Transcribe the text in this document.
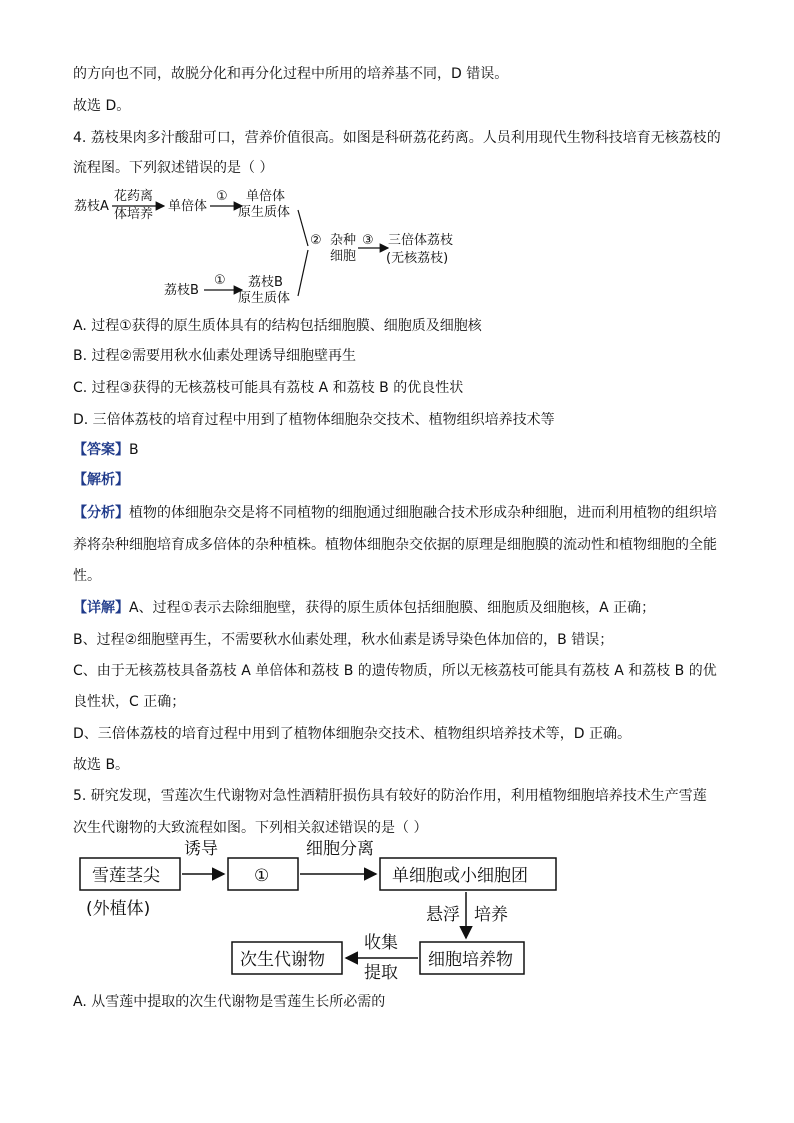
的方向也不同，故脱分化和再分化过程中所用的培养基不同，D 错误。
故选 D。
4. 荔枝果肉多汁酸甜可口，营养价值很高。如图是科研荔花药离。人员利用现代生物科技培育无核荔枝的
流程图。下列叙述错误的是（ ）
荔枝A
花药离
体培养
单倍体
① 单倍体
原生质体
荔枝B
① 荔枝B
原生质体
② 杂种
细胞
③ 三倍体荔枝
(无核荔枝)
A. 过程①获得的原生质体具有的结构包括细胞膜、细胞质及细胞核
B. 过程②需要用秋水仙素处理诱导细胞壁再生
C. 过程③获得的无核荔枝可能具有荔枝 A 和荔枝 B 的优良性状
D. 三倍体荔枝的培育过程中用到了植物体细胞杂交技术、植物组织培养技术等
【答案】B
【解析】
【分析】植物的体细胞杂交是将不同植物的细胞通过细胞融合技术形成杂种细胞，进而利用植物的组织培
养将杂种细胞培育成多倍体的杂种植株。植物体细胞杂交依据的原理是细胞膜的流动性和植物细胞的全能
性。
【详解】A、过程①表示去除细胞壁，获得的原生质体包括细胞膜、细胞质及细胞核，A 正确；
B、过程②细胞壁再生，不需要秋水仙素处理，秋水仙素是诱导染色体加倍的，B 错误；
C、由于无核荔枝具备荔枝 A 单倍体和荔枝 B 的遗传物质，所以无核荔枝可能具有荔枝 A 和荔枝 B 的优
良性状，C 正确；
D、三倍体荔枝的培育过程中用到了植物体细胞杂交技术、植物组织培养技术等，D 正确。
故选 B。
5. 研究发现，雪莲次生代谢物对急性酒精肝损伤具有较好的防治作用，利用植物细胞培养技术生产雪莲
次生代谢物的大致流程如图。下列相关叙述错误的是（ ）
雪莲茎尖
(外植体)
诱导
①
细胞分离
单细胞或小细胞团
悬浮 培养
细胞培养物
收集
提取
次生代谢物
A. 从雪莲中提取的次生代谢物是雪莲生长所必需的
